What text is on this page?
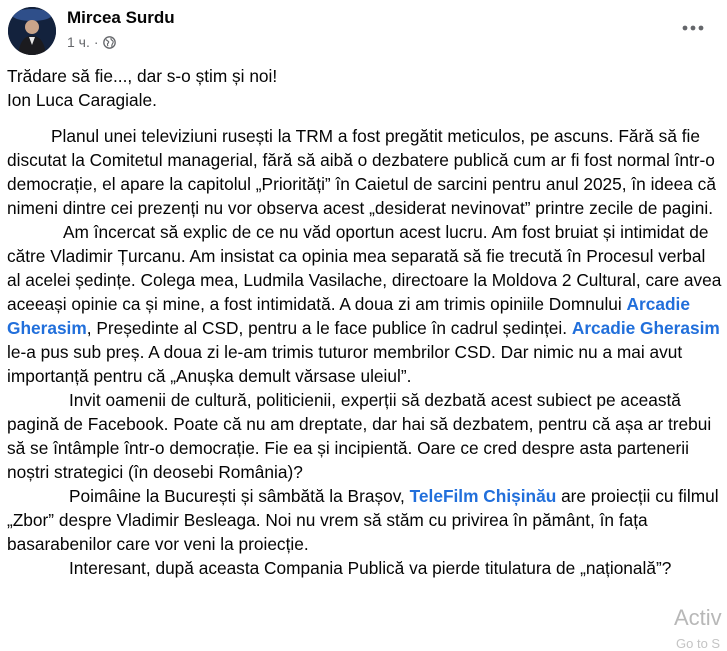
Mircea Surdu
1 ч. ·

Trădare să fie..., dar s-o știm și noi!

Ion Luca Caragiale.

Planul unei televiziuni rusești la TRM a fost pregătit meticulos, pe ascuns. Fără să fie discutat la Comitetul managerial, fără să aibă o dezbatere publică cum ar fi fost normal într-o democrație, el apare la capitolul „Priorități” în Caietul de sarcini pentru anul 2025, în ideea că nimeni dintre cei prezenți nu vor observa acest „desiderat nevinovat” printre zecile de pagini.

Am încercat să explic de ce nu văd oportun acest lucru. Am fost bruiat și intimidat de către Vladimir Țurcanu. Am insistat ca opinia mea separată să fie trecută în Procesul verbal al acelei ședințe. Colega mea, Ludmila Vasilache, directoare la Moldova 2 Cultural, care avea aceeași opinie ca și mine, a fost intimidată. A doua zi am trimis opiniile Domnului Arcadie Gherasim, Președinte al CSD, pentru a le face publice în cadrul ședinței. Arcadie Gherasim le-a pus sub preș. A doua zi le-am trimis tuturor membrilor CSD. Dar nimic nu a mai avut importanță pentru că „Anușka demult vărsase uleiul”.

Invit oamenii de cultură, politicienii, experții să dezbată acest subiect pe această pagină de Facebook. Poate că nu am dreptate, dar hai să dezbatem, pentru că așa ar trebui să se întâmple într-o democrație. Fie ea și incipientă. Oare ce cred despre asta partenerii noștri strategici (în deosebi România)?

Poimâine la București și sâmbătă la Brașov, TeleFilm Chișinău are proiecții cu filmul „Zbor” despre Vladimir Besleaga. Noi nu vrem să stăm cu privirea în pământ, în fața basarabenilor care vor veni la proiecție.

Interesant, după aceasta Compania Publică va pierde titulatura de „națională”?

Activ
Go to S
